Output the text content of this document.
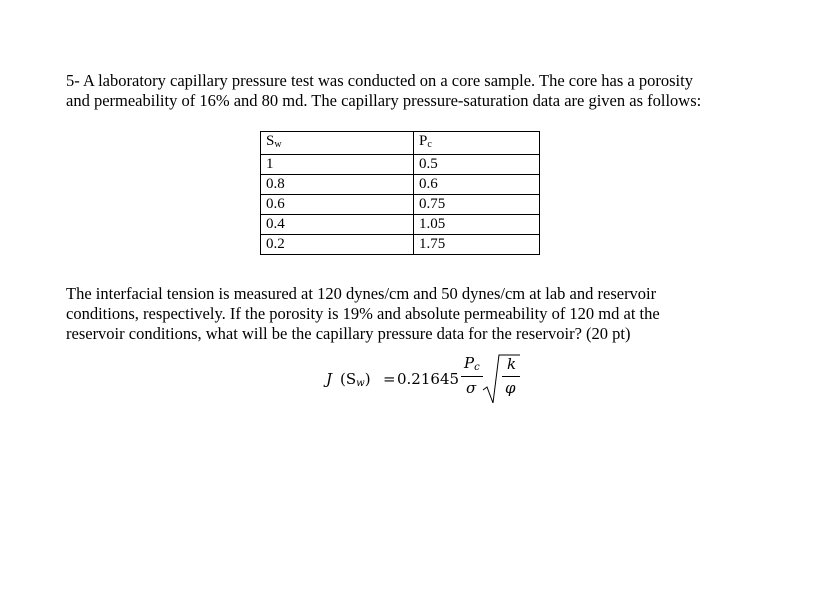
5- A laboratory capillary pressure test was conducted on a core sample. The core has a porosity
and permeability of 16% and 80 md. The capillary pressure-saturation data are given as follows:

$S_w$	$P_c$
1	0.5
0.8	0.6
0.6	0.75
0.4	1.05
0.2	1.75

The interfacial tension is measured at 120 dynes/cm and 50 dynes/cm at lab and reservoir
conditions, respectively. If the porosity is 19% and absolute permeability of 120 md at the
reservoir conditions, what will be the capillary pressure data for the reservoir? (20 pt)

J $(S_w) = 0.21645$
$P_c$
σ
k
φ
